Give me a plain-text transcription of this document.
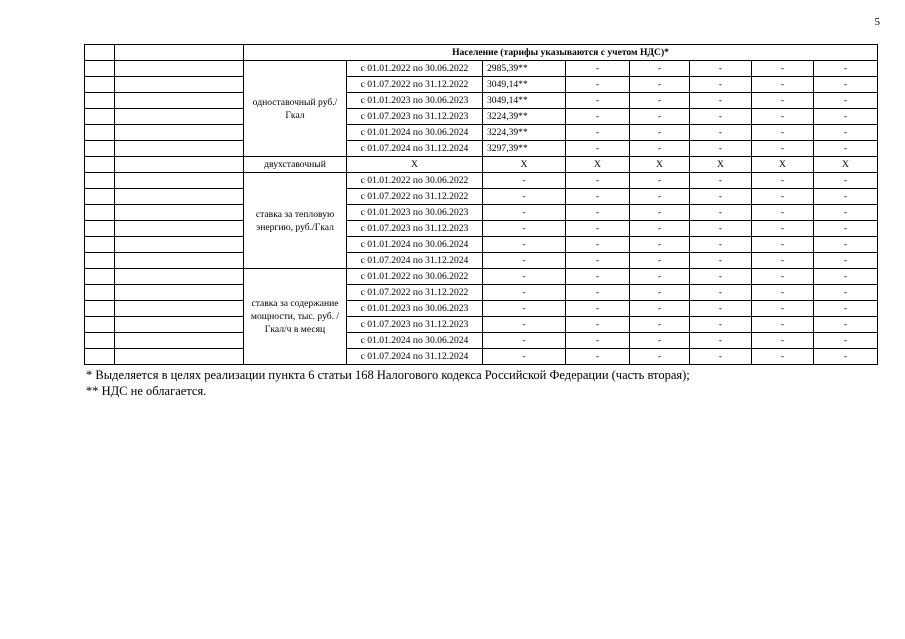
5
		Население (тарифы указываются с учетом НДС)*							
		одноставочный руб./Гкал	с 01.01.2022 по 30.06.2022	2985,39**	-	-	-	-	-
			с 01.07.2022 по 31.12.2022	3049,14**	-	-	-	-	-
			с 01.01.2023 по 30.06.2023	3049,14**	-	-	-	-	-
			с 01.07.2023 по 31.12.2023	3224,39**	-	-	-	-	-
			с 01.01.2024 по 30.06.2024	3224,39**	-	-	-	-	-
			с 01.07.2024 по 31.12.2024	3297,39**	-	-	-	-	-
		двухставочный	X	X	X	X	X	X	X
		ставка за тепловую энергию, руб./Гкал	с 01.01.2022 по 30.06.2022	-	-	-	-	-	-
			с 01.07.2022 по 31.12.2022	-	-	-	-	-	-
			с 01.01.2023 по 30.06.2023	-	-	-	-	-	-
			с 01.07.2023 по 31.12.2023	-	-	-	-	-	-
			с 01.01.2024 по 30.06.2024	-	-	-	-	-	-
			с 01.07.2024 по 31.12.2024	-	-	-	-	-	-
		ставка за содержание мощности, тыс. руб. /Гкал/ч в месяц	с 01.01.2022 по 30.06.2022	-	-	-	-	-	-
			с 01.07.2022 по 31.12.2022	-	-	-	-	-	-
			с 01.01.2023 по 30.06.2023	-	-	-	-	-	-
			с 01.07.2023 по 31.12.2023	-	-	-	-	-	-
			с 01.01.2024 по 30.06.2024	-	-	-	-	-	-
			с 01.07.2024 по 31.12.2024	-	-	-	-	-	-
* Выделяется в целях реализации пункта 6 статьи 168 Налогового кодекса Российской Федерации (часть вторая);
** НДС не облагается.
